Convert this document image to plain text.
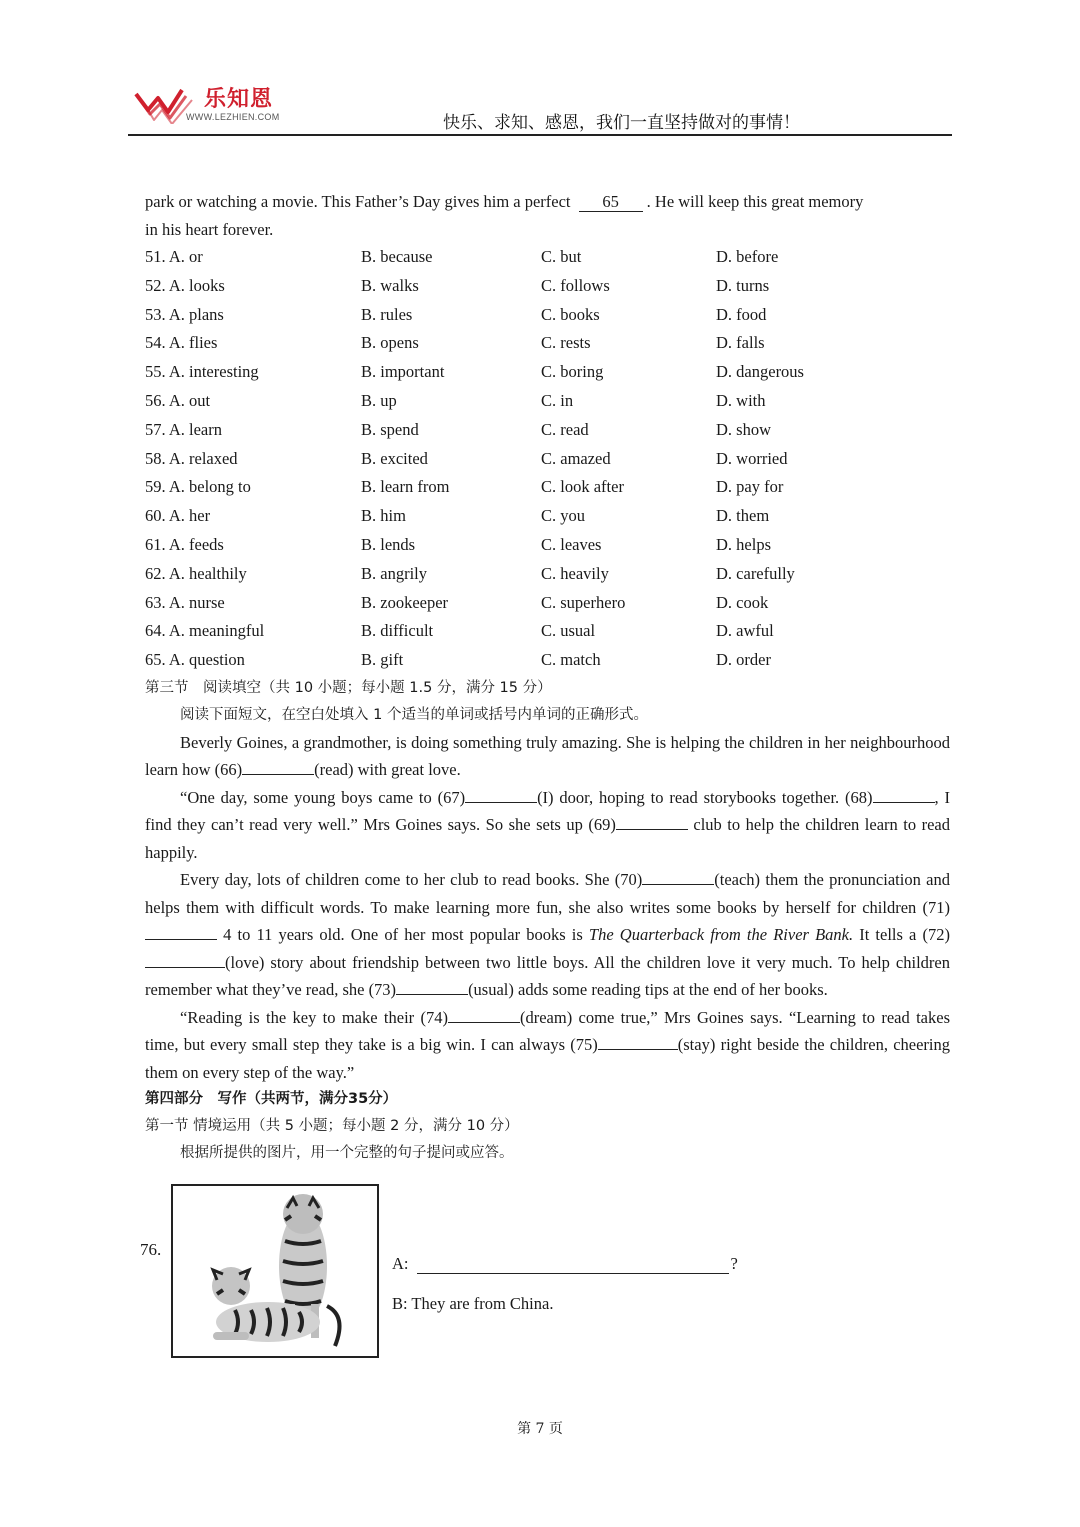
乐知恩
WWW.LEZHIEN.COM	快乐、求知、感恩，我们一直坚持做对的事情！

park or watching a movie. This Father’s Day gives him a perfect 65 . He will keep this great memory
in his heart forever.

51. A. or	B. because	C. but	D. before
52. A. looks	B. walks	C. follows	D. turns
53. A. plans	B. rules	C. books	D. food
54. A. flies	B. opens	C. rests	D. falls
55. A. interesting	B. important	C. boring	D. dangerous
56. A. out	B. up	C. in	D. with
57. A. learn	B. spend	C. read	D. show
58. A. relaxed	B. excited	C. amazed	D. worried
59. A. belong to	B. learn from	C. look after	D. pay for
60. A. her	B. him	C. you	D. them
61. A. feeds	B. lends	C. leaves	D. helps
62. A. healthily	B. angrily	C. heavily	D. carefully
63. A. nurse	B. zookeeper	C. superhero	D. cook
64. A. meaningful	B. difficult	C. usual	D. awful
65. A. question	B. gift	C. match	D. order

第三节　阅读填空（共 10 小题；每小题 1.5 分，满分 15 分）

阅读下面短文，在空白处填入 1 个适当的单词或括号内单词的正确形式。

Beverly Goines, a grandmother, is doing something truly amazing. She is helping the children in her neighbourhood learn how (66)	(read) with great love.

“One day, some young boys came to (67)	(I) door, hoping to read storybooks together. (68)	, I find they can’t read very well.” Mrs Goines says. So she sets up (69)	club to help the children learn to read happily.

Every day, lots of children come to her club to read books. She (70)	(teach) them the pronunciation and helps them with difficult words. To make learning more fun, she also writes some books by herself for children (71) 4 to 11 years old. One of her most popular books is The Quarterback from the River Bank. It tells a (72)(love) story about friendship between two little boys. All the children love it very much. To help children remember what they’ve read, she (73)	(usual) adds some reading tips at the end of her books.

“Reading is the key to make their (74)	(dream) come true,” Mrs Goines says. “Learning to read takes time, but every small step they take is a big win. I can always (75)	(stay) right beside the children, cheering them on every step of the way.”

第四部分　写作（共两节，满分35分）

第一节 情境运用（共 5 小题；每小题 2 分，满分 10 分）

根据所提供的图片，用一个完整的句子提问或应答。

76.
A:	?
B: They are from China.
第 7 页
